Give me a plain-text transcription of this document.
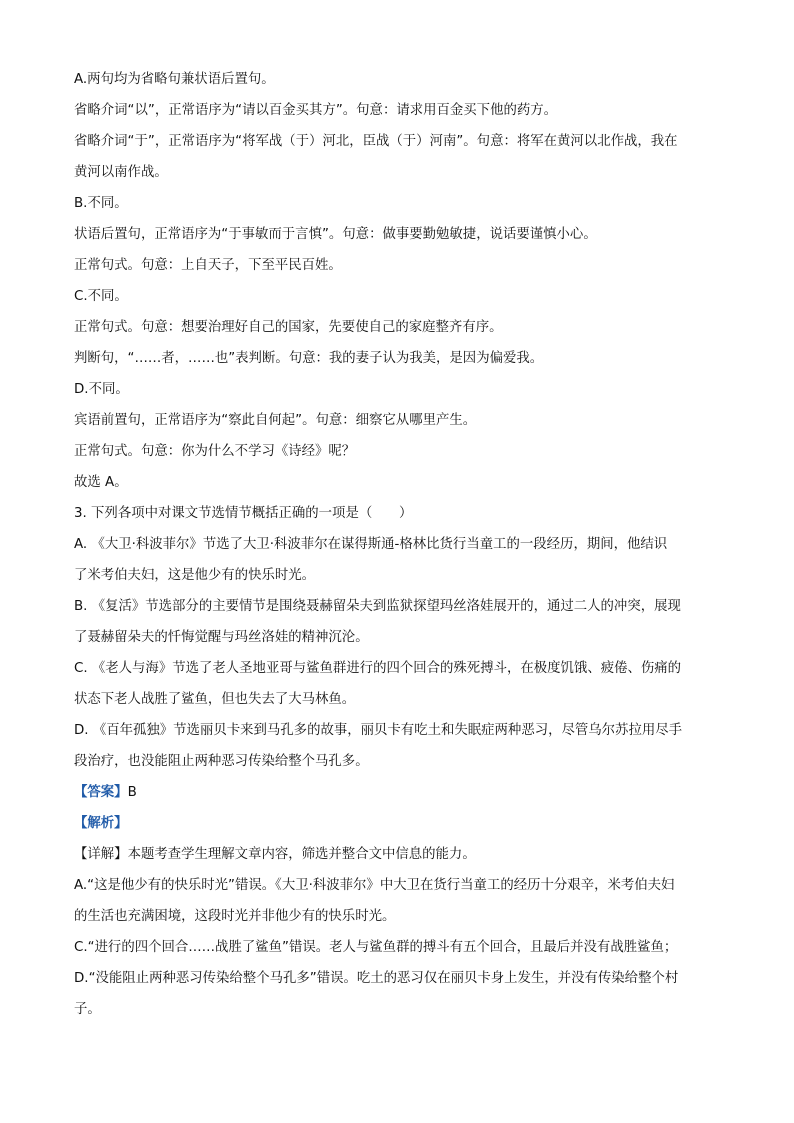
A.两句均为省略句兼状语后置句。
省略介词“以”，正常语序为“请以百金买其方”。句意：请求用百金买下他的药方。
省略介词“于”，正常语序为“将军战（于）河北，臣战（于）河南”。句意：将军在黄河以北作战，我在
黄河以南作战。
B.不同。
状语后置句，正常语序为“于事敏而于言慎”。句意：做事要勤勉敏捷，说话要谨慎小心。
正常句式。句意：上自天子，下至平民百姓。
C.不同。
正常句式。句意：想要治理好自己的国家，先要使自己的家庭整齐有序。
判断句，“……者，……也”表判断。句意：我的妻子认为我美，是因为偏爱我。
D.不同。
宾语前置句，正常语序为“察此自何起”。句意：细察它从哪里产生。
正常句式。句意：你为什么不学习《诗经》呢？
故选 A。
3. 下列各项中对课文节选情节概括正确的一项是（　　）
A. 《大卫·科波菲尔》节选了大卫·科波菲尔在谋得斯通-格林比货行当童工的一段经历，期间，他结识
了米考伯夫妇，这是他少有的快乐时光。
B. 《复活》节选部分的主要情节是围绕聂赫留朵夫到监狱探望玛丝洛娃展开的，通过二人的冲突，展现
了聂赫留朵夫的忏悔觉醒与玛丝洛娃的精神沉沦。
C. 《老人与海》节选了老人圣地亚哥与鲨鱼群进行的四个回合的殊死搏斗，在极度饥饿、疲倦、伤痛的
状态下老人战胜了鲨鱼，但也失去了大马林鱼。
D. 《百年孤独》节选丽贝卡来到马孔多的故事，丽贝卡有吃土和失眠症两种恶习，尽管乌尔苏拉用尽手
段治疗，也没能阻止两种恶习传染给整个马孔多。
【答案】B
【解析】
【详解】本题考查学生理解文章内容，筛选并整合文中信息的能力。
A.“这是他少有的快乐时光”错误。《大卫·科波菲尔》中大卫在货行当童工的经历十分艰辛，米考伯夫妇
的生活也充满困境，这段时光并非他少有的快乐时光。
C.“进行的四个回合……战胜了鲨鱼”错误。老人与鲨鱼群的搏斗有五个回合，且最后并没有战胜鲨鱼；
D.“没能阻止两种恶习传染给整个马孔多”错误。吃土的恶习仅在丽贝卡身上发生，并没有传染给整个村
子。
